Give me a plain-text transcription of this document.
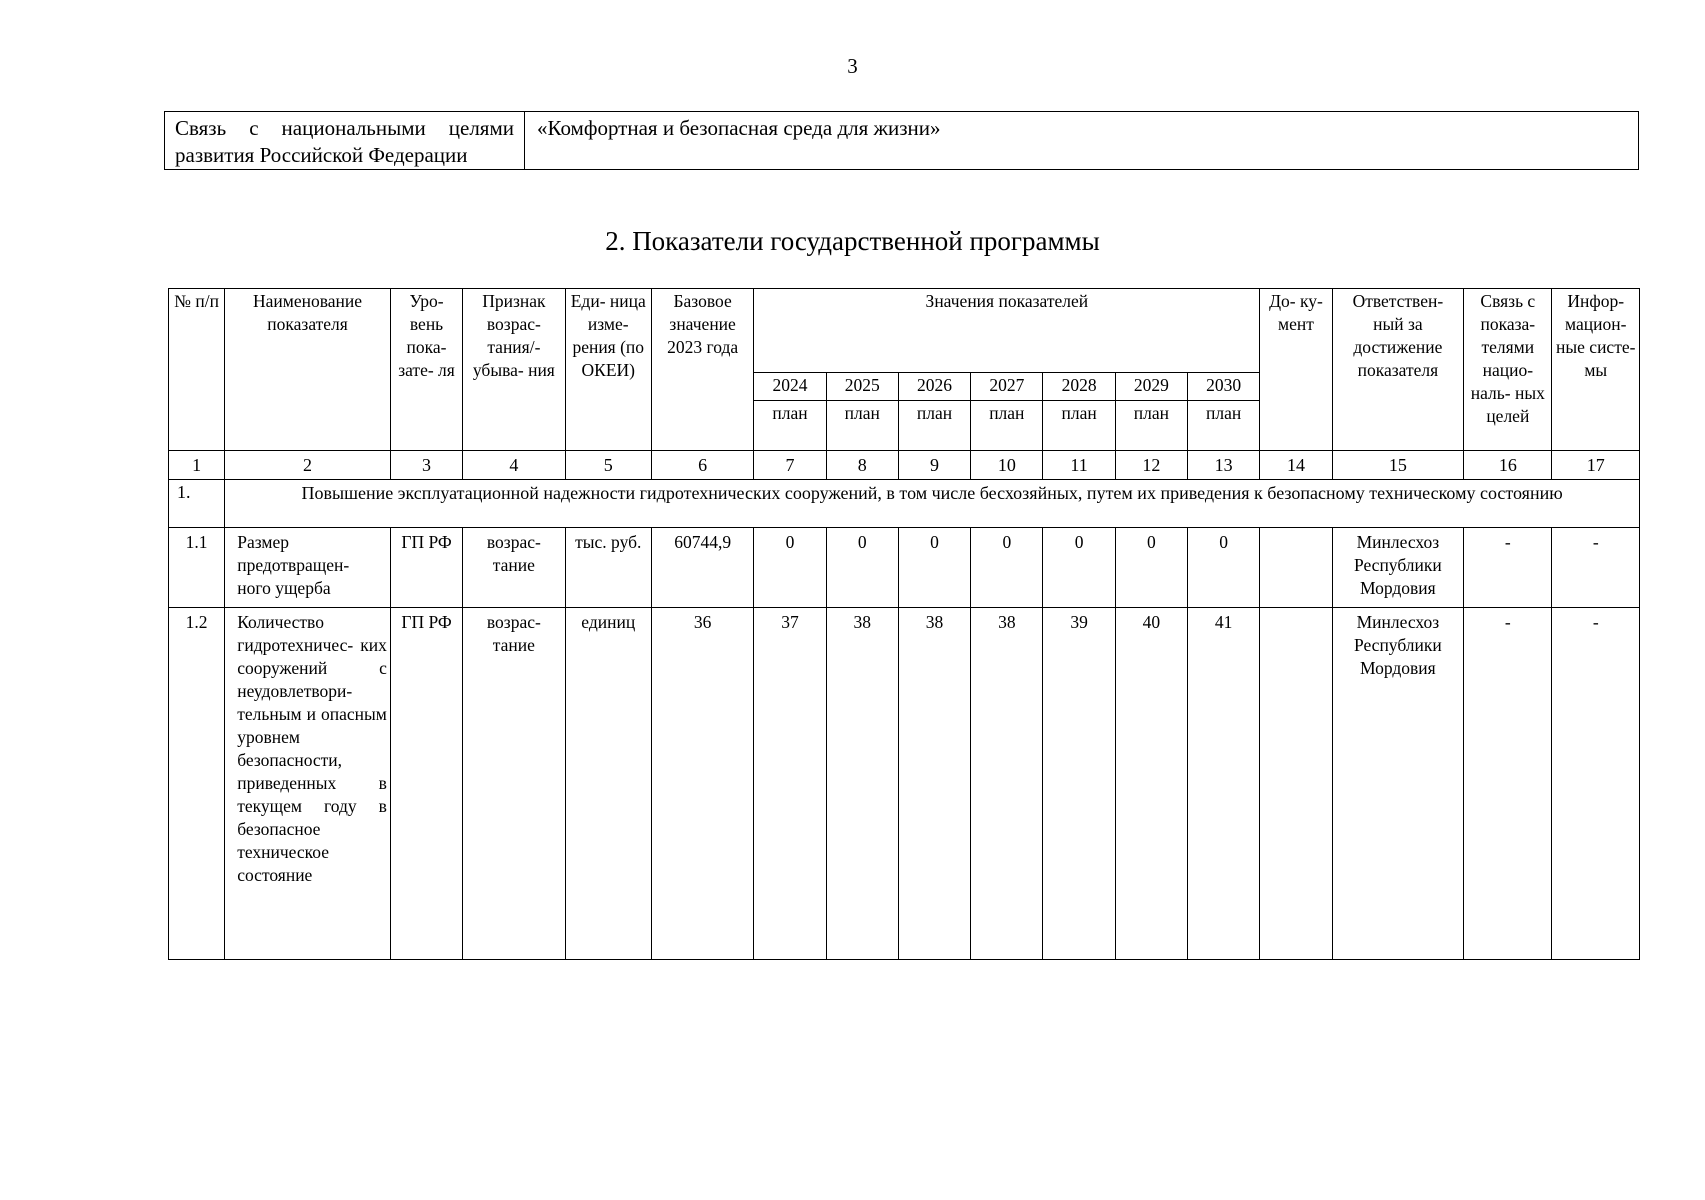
3
Связь с национальными целями развития Российской Федерации	«Комфортная и безопасная среда для жизни»
2. Показатели государственной программы
№ п/п	Наименование показателя	Уро- вень пока- зате- ля	Признак возрас- тания/- убыва- ния	Еди- ница изме- рения (по ОКЕИ)	Базовое значение 2023 года	Значения показателей							До- ку- мент	Ответствен- ный за достижение показателя	Связь с показа- телями нацио- наль- ных целей	Инфор- мацион- ные систе- мы
						2024	2025	2026	2027	2028	2029	2030				
						план	план	план	план	план	план	план				
1	2	3	4	5	6	7	8	9	10	11	12	13	14	15	16	17
1.	Повышение эксплуатационной надежности гидротехнических сооружений, в том числе бесхозяйных, путем их приведения к безопасному техническому состоянию															
1.1	Размер предотвращен- ного ущерба	ГП РФ	возрас- тание	тыс. руб.	60744,9	0	0	0	0	0	0	0		Минлесхоз Республики Мордовия	-	-
1.2	Количество гидротехничес- ких сооружений с неудовлетвори- тельным и опасным уровнем безопасности, приведенных в текущем году в безопасное техническое состояние	ГП РФ	возрас- тание	единиц	36	37	38	38	38	39	40	41		Минлесхоз Республики Мордовия	-	-
